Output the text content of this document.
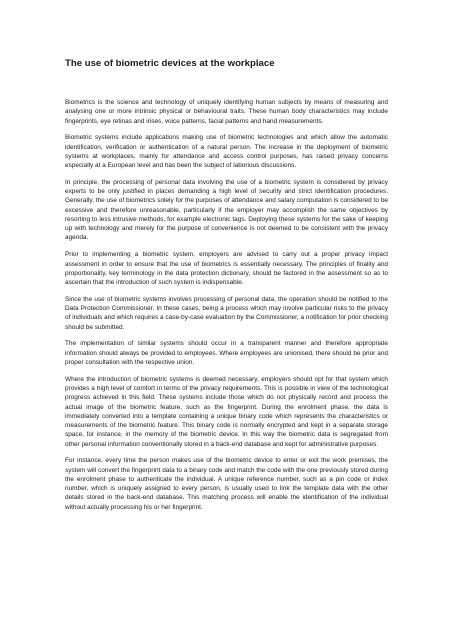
The use of biometric devices at the workplace

Biometrics is the science and technology of uniquely identifying human subjects by means of measuring and analysing one or more intrinsic physical or behavioural traits. These human body characteristics may include fingerprints, eye retinas and irises, voice patterns, facial patterns and hand measurements.

Biometric systems include applications making use of biometric technologies and which allow the automatic identification, verification or authentication of a natural person. The increase in the deployment of biometric systems at workplaces, mainly for attendance and access control purposes, has raised privacy concerns especially at a European level and has been the subject of laborious discussions.

In principle, the processing of personal data involving the use of a biometric system is considered by privacy experts to be only justified in places demanding a high level of security and strict identification procedures. Generally, the use of biometrics solely for the purposes of attendance and salary computation is considered to be excessive and therefore unreasonable, particularly if the employer may accomplish the same objectives by resorting to less intrusive methods, for example electronic tags. Deploying these systems for the sake of keeping up with technology and merely for the purpose of convenience is not deemed to be consistent with the privacy agenda.

Prior to implementing a biometric system, employers are advised to carry out a proper privacy impact assessment in order to ensure that the use of biometrics is essentially necessary. The principles of finality and proportionality, key terminology in the data protection dictionary, should be factored in the assessment so as to ascertain that the introduction of such system is indispensable.

Since the use of biometric systems involves processing of personal data, the operation should be notified to the Data Protection Commissioner. In these cases, being a process which may involve particular risks to the privacy of individuals and which requires a case-by-case evaluation by the Commissioner, a notification for prior checking should be submitted.

The implementation of similar systems should occur in a transparent manner and therefore appropriate information should always be provided to employees. Where employees are unionised, there should be prior and proper consultation with the respective union.

Where the introduction of biometric systems is deemed necessary, employers should opt for that system which provides a high level of comfort in terms of the privacy requirements. This is possible in view of the technological progress achieved in this field. These systems include those which do not physically record and process the actual image of the biometric feature, such as the fingerprint. During the enrolment phase, the data is immediately converted into a template containing a unique binary code which represents the characteristics or measurements of the biometric feature. This binary code is normally encrypted and kept in a separate storage space, for instance, in the memory of the biometric device. In this way the biometric data is segregated from other personal information conventionally stored in a back-end database and kept for administrative purposes.

For instance, every time the person makes use of the biometric device to enter or exit the work premises, the system will convert the fingerprint data to a binary code and match the code with the one previously stored during the enrolment phase to authenticate the individual. A unique reference number, such as a pin code or index number, which is uniquely assigned to every person, is usually used to link the template data with the other details stored in the back-end database. This matching process will enable the identification of the individual without actually processing his or her fingerprint.
